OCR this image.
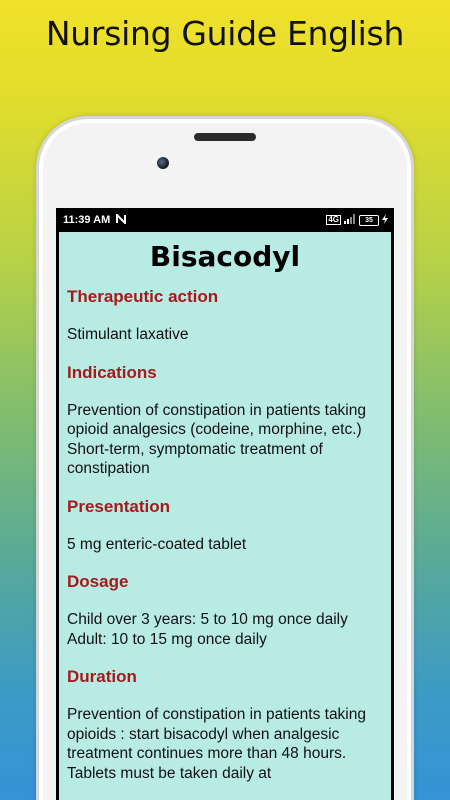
Nursing Guide English
11:39 AM	4G	35
Bisacodyl
Therapeutic action
Stimulant laxative
Indications
Prevention of constipation in patients taking opioid analgesics (codeine, morphine, etc.)
Short-term, symptomatic treatment of constipation
Presentation
5 mg enteric-coated tablet
Dosage
Child over 3 years: 5 to 10 mg once daily
Adult: 10 to 15 mg once daily
Duration
Prevention of constipation in patients taking opioids : start bisacodyl when analgesic treatment continues more than 48 hours. Tablets must be taken daily at
